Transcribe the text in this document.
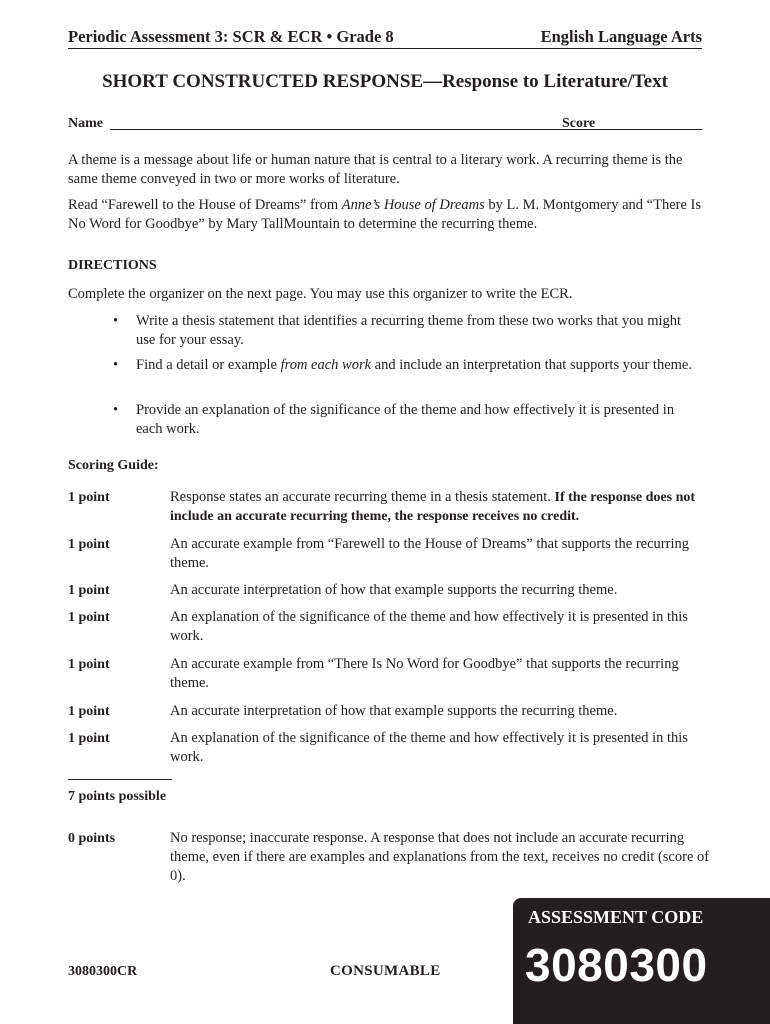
Periodic Assessment 3: SCR & ECR • Grade 8	English Language Arts
SHORT CONSTRUCTED RESPONSE—Response to Literature/Text
Name	Score

A theme is a message about life or human nature that is central to a literary work. A recurring theme is the same theme conveyed in two or more works of literature.

Read “Farewell to the House of Dreams” from Anne’s House of Dreams by L. M. Montgomery and “There Is No Word for Goodbye” by Mary TallMountain to determine the recurring theme.

DIRECTIONS

Complete the organizer on the next page. You may use this organizer to write the ECR.

• Write a thesis statement that identifies a recurring theme from these two works that you might use for your essay.
• Find a detail or example from each work and include an interpretation that supports your theme.
• Provide an explanation of the significance of the theme and how effectively it is presented in each work.

Scoring Guide:

1 point	Response states an accurate recurring theme in a thesis statement. If the response does not include an accurate recurring theme, the response receives no credit.
1 point	An accurate example from “Farewell to the House of Dreams” that supports the recurring theme.
1 point	An accurate interpretation of how that example supports the recurring theme.
1 point	An explanation of the significance of the theme and how effectively it is presented in this work.
1 point	An accurate example from “There Is No Word for Goodbye” that supports the recurring theme.
1 point	An accurate interpretation of how that example supports the recurring theme.
1 point	An explanation of the significance of the theme and how effectively it is presented in this work.

7 points possible

0 points	No response; inaccurate response. A response that does not include an accurate recurring theme, even if there are examples and explanations from the text, receives no credit (score of 0).
3080300CR	CONSUMABLE
ASSESSMENT CODE
3080300
